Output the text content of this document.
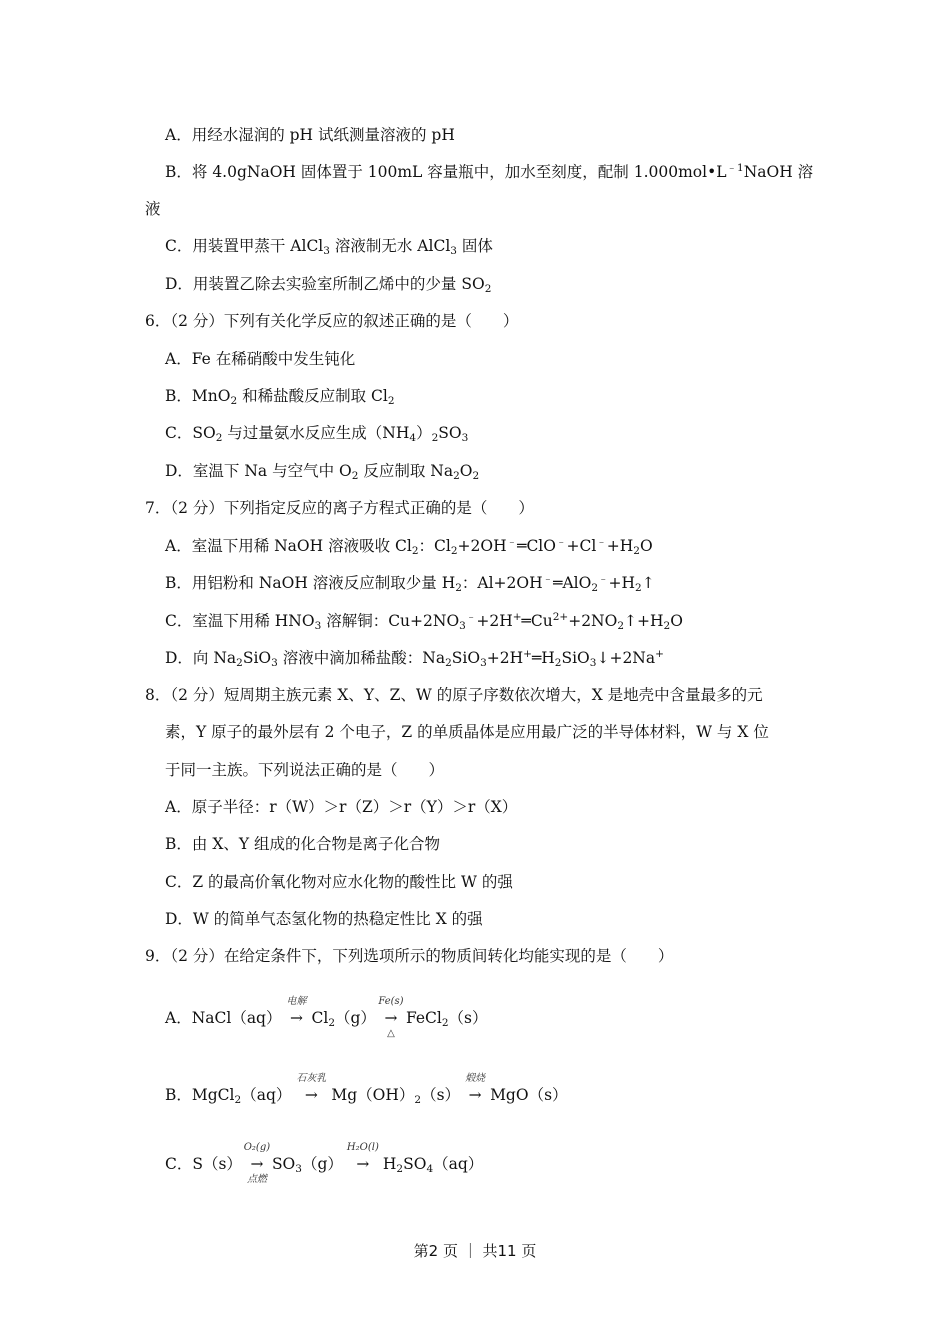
A．用经水湿润的 pH 试纸测量溶液的 pH
B．将 4.0gNaOH 固体置于 100mL 容量瓶中，加水至刻度，配制 $1.000mol•L^{﹣1}NaOH$ 溶
液
C．用装置甲蒸干 AlCl$_3$ 溶液制无水 AlCl$_3$ 固体
D．用装置乙除去实验室所制乙烯中的少量 $SO_2$
6．（2 分）下列有关化学反应的叙述正确的是（　　）
A．Fe 在稀硝酸中发生钝化
B．MnO$_2$ 和稀盐酸反应制取 $Cl_2$
C．$SO_2$ 与过量氨水反应生成$(NH_4)_2SO_3$
D．室温下 Na 与空气中 $O_2$ 反应制取 $Na_2O_2$
7．（2 分）下列指定反应的离子方程式正确的是（　　）
A．室温下用稀 NaOH 溶液吸收 $Cl_2$：$Cl_2+2OH^﹣═ClO^﹣+Cl^﹣+H_2O$
B．用铝粉和 NaOH 溶液反应制取少量 $H_2$：$Al+2OH^﹣═AlO_2^﹣+H_2↑$
C．室温下用稀 $HNO_3$ 溶解铜：$Cu+2NO_3^﹣+2H^+═Cu^{2+}+2NO_2↑+H_2O$
D．向 $Na_2SiO_3$ 溶液中滴加稀盐酸：$Na_2SiO_3+2H^+═H_2SiO_3↓+2Na^+$
8．（2 分）短周期主族元素 X、Y、Z、W 的原子序数依次增大，X 是地壳中含量最多的元
素，Y 原子的最外层有 2 个电子，Z 的单质晶体是应用最广泛的半导体材料，W 与 X 位
于同一主族。下列说法正确的是（　　）
A．原子半径：r（W）＞r（Z）＞r（Y）＞r（X）
B．由 X、Y 组成的化合物是离子化合物
C．Z 的最高价氧化物对应水化物的酸性比 W 的强
D．W 的简单气态氢化物的热稳定性比 X 的强
9．（2 分）在给定条件下，下列选项所示的物质间转化均能实现的是（　　）
A．NaCl（aq）
电解
→ $Cl_2(g)$
Fe(s)
→
△
FeCl$_2$（s）
B．MgCl$_2$（aq）
石灰乳
→ $Mg(OH)_2(s)$
煅烧
→ MgO（s）
C．S（s）
O₂(g)
→
点燃
$SO_3(g)$
H₂O(l)
→ $H_2SO_4(aq)$
第2 页 ｜ 共11 页
